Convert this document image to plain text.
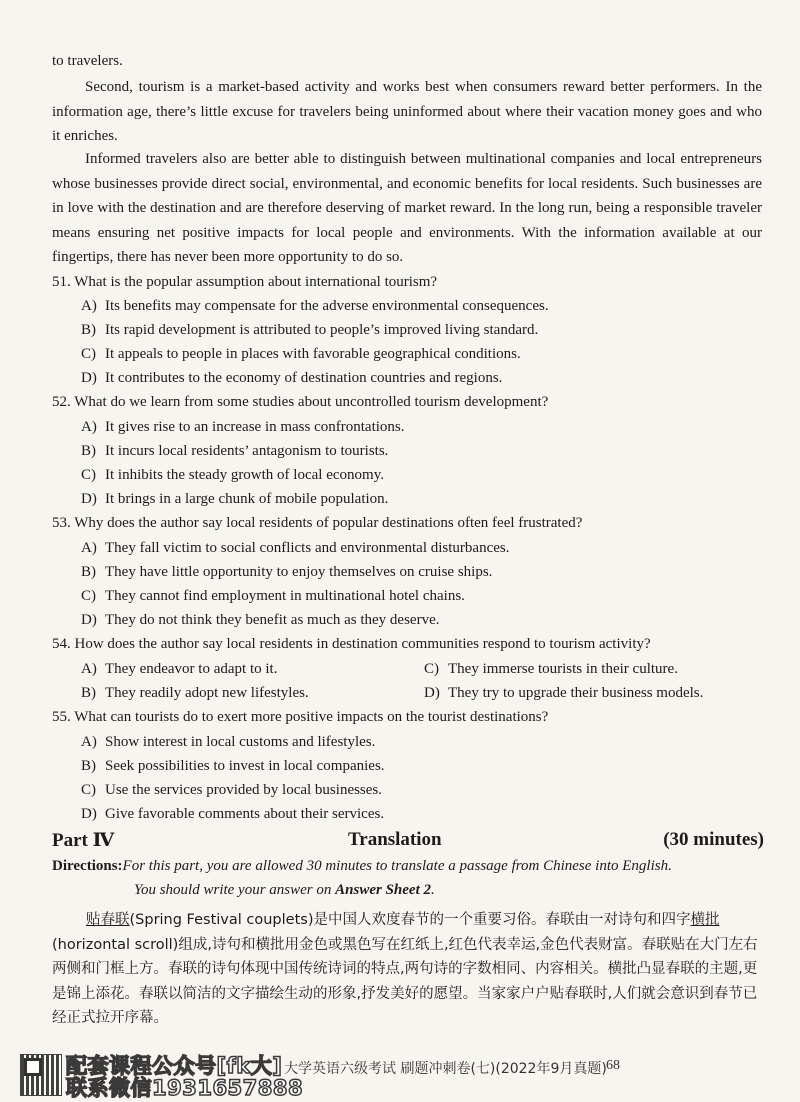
to travelers.
Second, tourism is a market-based activity and works best when consumers reward better performers. In the information age, there’s little excuse for travelers being uninformed about where their vacation money goes and who it enriches.
Informed travelers also are better able to distinguish between multinational companies and local entrepreneurs whose businesses provide direct social, environmental, and economic benefits for local residents. Such businesses are in love with the destination and are therefore deserving of market reward. In the long run, being a responsible traveler means ensuring net positive impacts for local people and environments. With the information available at our fingertips, there has never been more opportunity to do so.
51. What is the popular assumption about international tourism?
A) Its benefits may compensate for the adverse environmental consequences.
B) Its rapid development is attributed to people’s improved living standard.
C) It appeals to people in places with favorable geographical conditions.
D) It contributes to the economy of destination countries and regions.
52. What do we learn from some studies about uncontrolled tourism development?
A) It gives rise to an increase in mass confrontations.
B) It incurs local residents’ antagonism to tourists.
C) It inhibits the steady growth of local economy.
D) It brings in a large chunk of mobile population.
53. Why does the author say local residents of popular destinations often feel frustrated?
A) They fall victim to social conflicts and environmental disturbances.
B) They have little opportunity to enjoy themselves on cruise ships.
C) They cannot find employment in multinational hotel chains.
D) They do not think they benefit as much as they deserve.
54. How does the author say local residents in destination communities respond to tourism activity?
A) They endeavor to adapt to it.	C) They immerse tourists in their culture.
B) They readily adopt new lifestyles.	D) They try to upgrade their business models.
55. What can tourists do to exert more positive impacts on the tourist destinations?
A) Show interest in local customs and lifestyles.
B) Seek possibilities to invest in local companies.
C) Use the services provided by local businesses.
D) Give favorable comments about their services.
Part Ⅳ	Translation	(30 minutes)
Directions:For this part, you are allowed 30 minutes to translate a passage from Chinese into English.
You should write your answer on Answer Sheet 2.
贴春联(Spring Festival couplets)是中国人欢度春节的一个重要习俗。春联由一对诗句和四字横批(horizontal scroll)组成,诗句和横批用金色或黑色写在红纸上,红色代表幸运,金色代表财富。春联贴在大门左右两侧和门框上方。春联的诗句体现中国传统诗词的特点,两句诗的字数相同、内容相关。横批凸显春联的主题,更是锦上添花。春联以简洁的文字描绘生动的形象,抒发美好的愿望。当家家户户贴春联时,人们就会意识到春节已经正式拉开序幕。
配套课程公众号[fk大]
联系微信1931657888
大学英语六级考试 刷题冲刺卷(七)(2022年9月真题) 68
